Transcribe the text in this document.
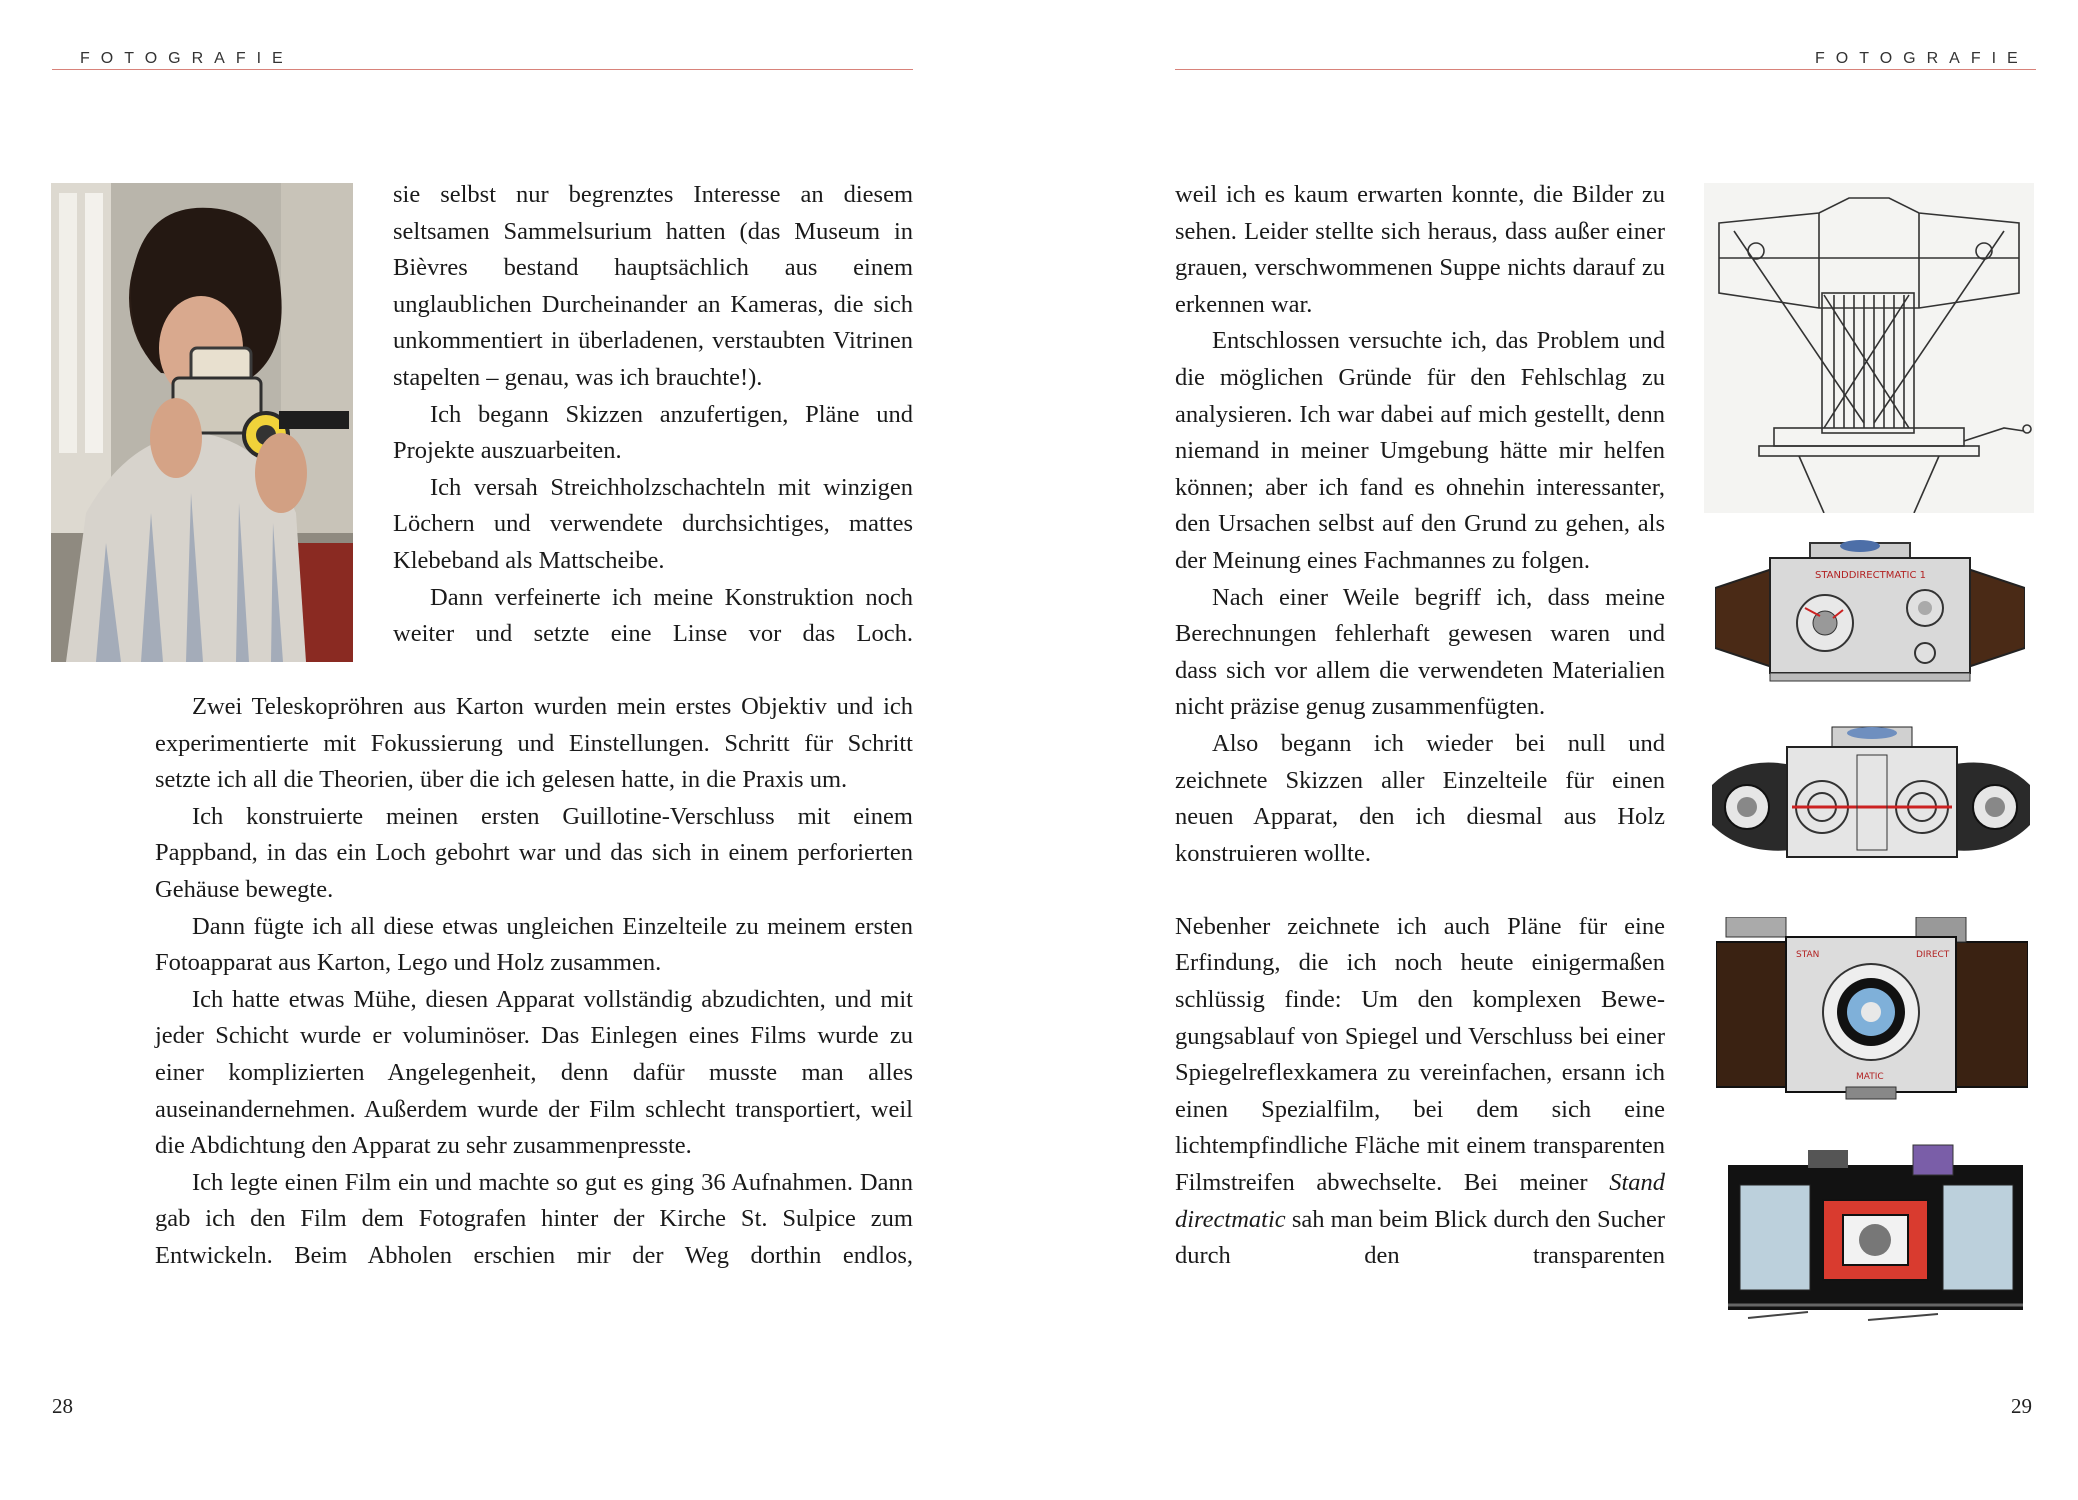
FOTOGRAFIE	FOTOGRAFIE

sie selbst nur begrenztes Interesse an diesem seltsamen Sammelsurium hatten (das Museum in Bièvres bestand hauptsächlich aus einem unglaublichen Durcheinander an Kameras, die sich unkommentiert in überladenen, verstaubten Vitrinen stapelten – genau, was ich brauchte!).

Ich begann Skizzen anzufertigen, Pläne und Projekte auszuarbeiten.

Ich versah Streichholzschachteln mit winzigen Löchern und verwendete durchsichtiges, mattes Klebeband als Mattscheibe.

Dann verfeinerte ich meine Konstruktion noch weiter und setzte eine Linse vor das Loch.

Zwei Teleskopröhren aus Karton wurden mein erstes Objektiv und ich experimentierte mit Fokussierung und Einstellungen. Schritt für Schritt setzte ich all die Theorien, über die ich gelesen hatte, in die Praxis um.

Ich konstruierte meinen ersten Guillotine-Verschluss mit einem Pappband, in das ein Loch gebohrt war und das sich in einem perforierten Gehäuse bewegte.

Dann fügte ich all diese etwas ungleichen Einzelteile zu meinem ersten Fotoapparat aus Karton, Lego und Holz zusammen.

Ich hatte etwas Mühe, diesen Apparat vollständig abzudichten, und mit jeder Schicht wurde er voluminöser. Das Einlegen eines Films wurde zu einer komplizierten Angelegenheit, denn dafür musste man alles auseinandernehmen. Außerdem wurde der Film schlecht transportiert, weil die Abdichtung den Apparat zu sehr zusammenpresste.

Ich legte einen Film ein und machte so gut es ging 36 Aufnahmen. Dann gab ich den Film dem Fotografen hinter der Kirche St. Sulpice zum Entwickeln. Beim Abholen erschien mir der Weg dorthin endlos,

weil ich es kaum erwarten konnte, die Bilder zu sehen. Leider stellte sich heraus, dass außer einer grauen, verschwommenen Suppe nichts darauf zu erkennen war.

Entschlossen versuchte ich, das Problem und die möglichen Gründe für den Fehlschlag zu analysieren. Ich war dabei auf mich gestellt, denn niemand in meiner Umgebung hätte mir helfen können; aber ich fand es ohnehin interessanter, den Ursachen selbst auf den Grund zu gehen, als der Meinung eines Fachmannes zu folgen.

Nach einer Weile begriff ich, dass meine Berechnungen fehlerhaft gewesen waren und dass sich vor allem die verwendeten Materialien nicht präzise genug zusammenfügten.

Also begann ich wieder bei null und zeichnete Skizzen aller Einzelteile für einen neuen Apparat, den ich diesmal aus Holz konstruieren wollte.

Nebenher zeichnete ich auch Pläne für eine Erfindung, die ich noch heute einigermaßen schlüssig finde: Um den komplexen Bewegungsablauf von Spiegel und Verschluss bei einer Spiegelreflexkamera zu vereinfachen, ersann ich einen Spezialfilm, bei dem sich eine lichtempfindliche Fläche mit einem transparenten Filmstreifen abwechselte. Bei meiner Stand directmatic sah man beim Blick durch den Sucher durch den transparenten

STANDDIRECTMATIC 1
STAN	DIRECT
MATIC
28	29
